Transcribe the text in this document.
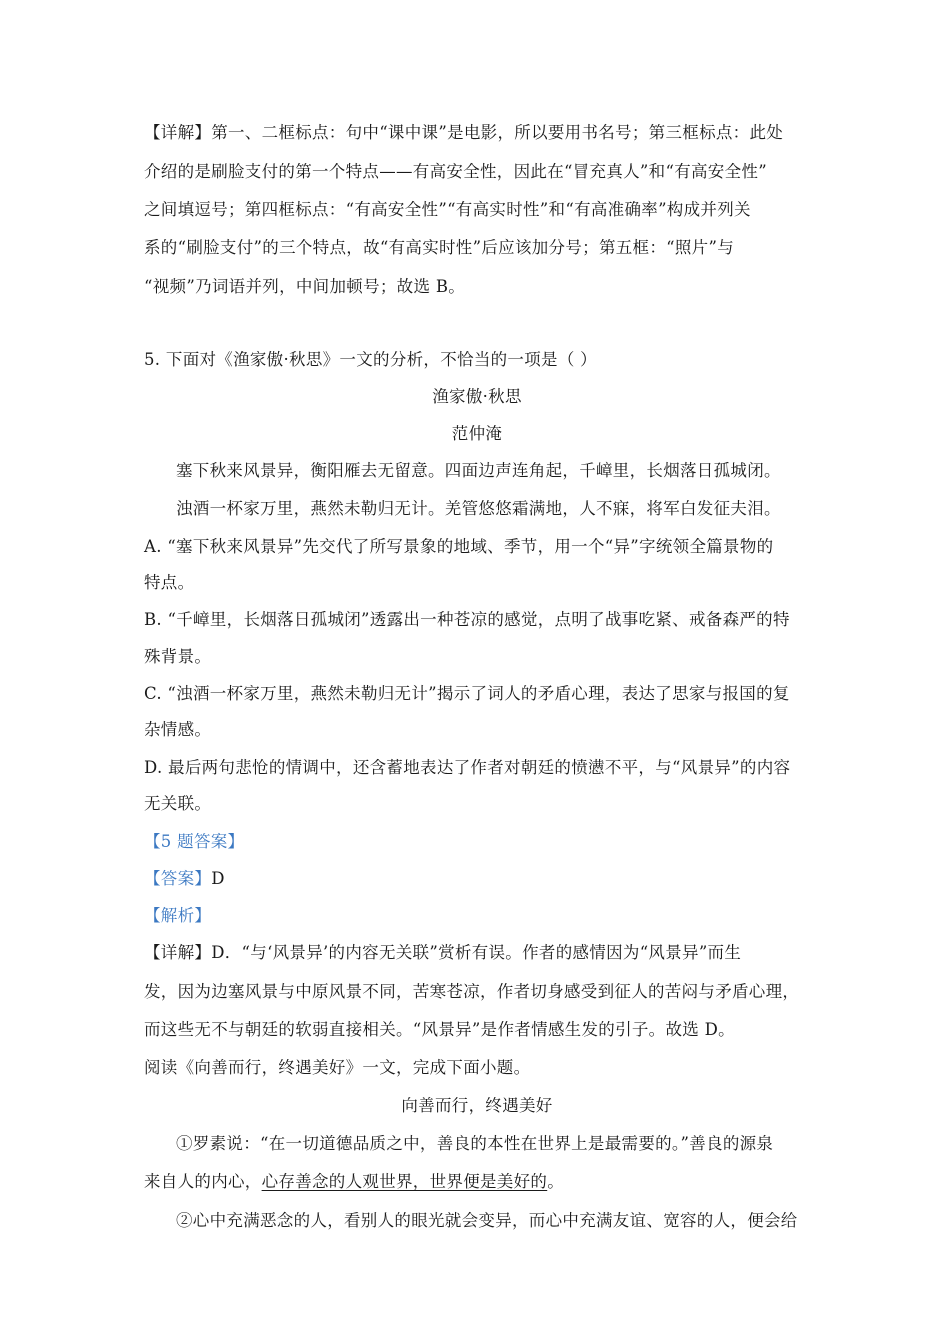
【详解】第一、二框标点：句中“课中课”是电影，所以要用书名号；第三框标点：此处
介绍的是刷脸支付的第一个特点——有高安全性，因此在“冒充真人”和“有高安全性”
之间填逗号；第四框标点：“有高安全性”“有高实时性”和“有高准确率”构成并列关
系的“刷脸支付”的三个特点，故“有高实时性”后应该加分号；第五框：“照片”与
“视频”乃词语并列，中间加顿号；故选 B。
5. 下面对《渔家傲·秋思》一文的分析，不恰当的一项是（ ）
渔家傲·秋思
范仲淹
塞下秋来风景异，衡阳雁去无留意。四面边声连角起，千嶂里，长烟落日孤城闭。
浊酒一杯家万里，燕然未勒归无计。羌管悠悠霜满地，人不寐，将军白发征夫泪。
A. “塞下秋来风景异”先交代了所写景象的地域、季节，用一个“异”字统领全篇景物的
特点。
B. “千嶂里，长烟落日孤城闭”透露出一种苍凉的感觉，点明了战事吃紧、戒备森严的特
殊背景。
C. “浊酒一杯家万里，燕然未勒归无计”揭示了词人的矛盾心理，表达了思家与报国的复
杂情感。
D. 最后两句悲怆的情调中，还含蓄地表达了作者对朝廷的愤懑不平，与“风景异”的内容
无关联。
【5 题答案】
【答案】D
【解析】
【详解】D．“与‘风景异’的内容无关联”赏析有误。作者的感情因为“风景异”而生
发，因为边塞风景与中原风景不同，苦寒苍凉，作者切身感受到征人的苦闷与矛盾心理，
而这些无不与朝廷的软弱直接相关。“风景异”是作者情感生发的引子。故选 D。
阅读《向善而行，终遇美好》一文，完成下面小题。
向善而行，终遇美好
①罗素说：“在一切道德品质之中，善良的本性在世界上是最需要的。”善良的源泉
来自人的内心，心存善念的人观世界，世界便是美好的。
②心中充满恶念的人，看别人的眼光就会变异，而心中充满友谊、宽容的人，便会给
